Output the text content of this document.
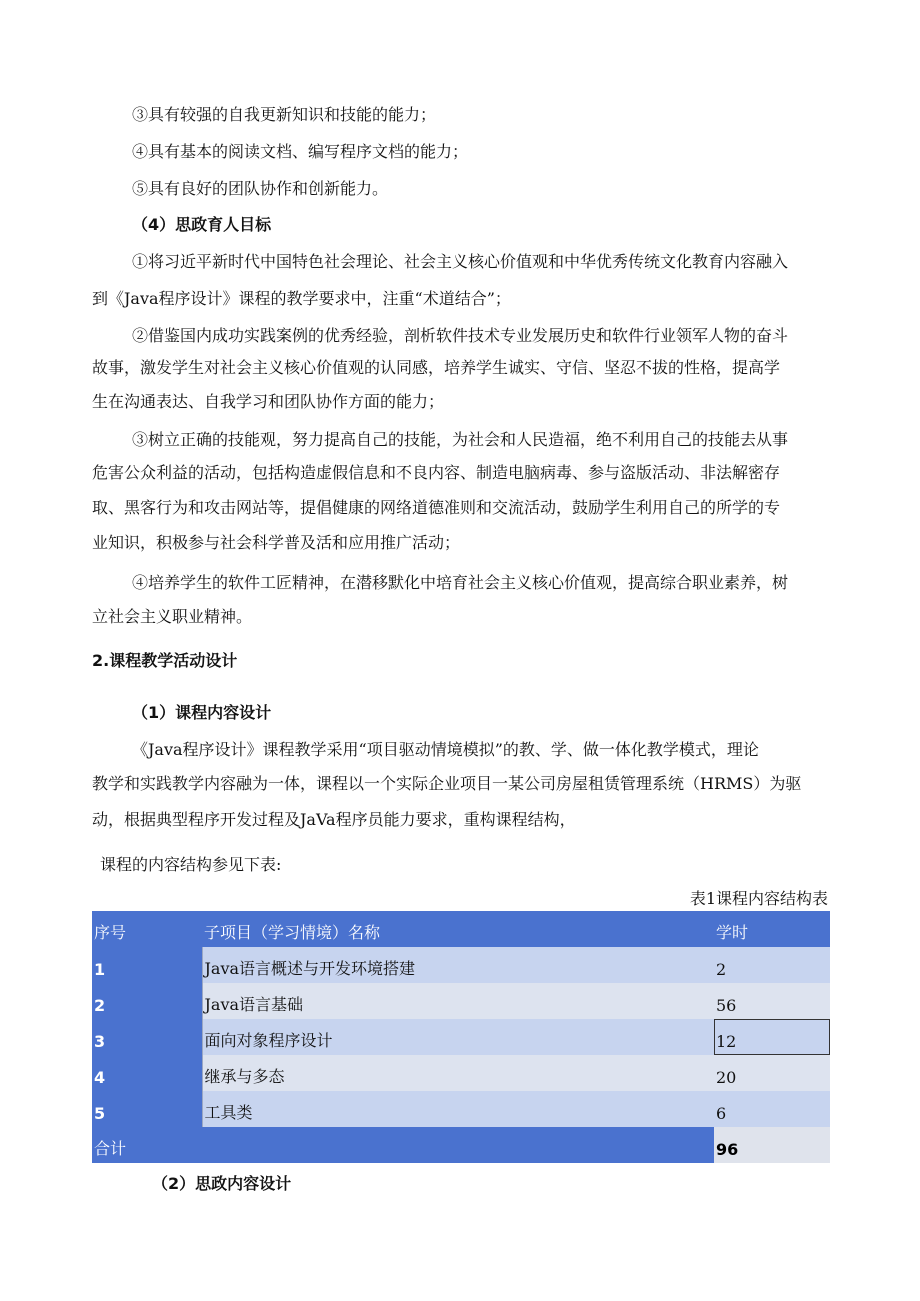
③具有较强的自我更新知识和技能的能力；
④具有基本的阅读文档、编写程序文档的能力；
⑤具有良好的团队协作和创新能力。
（4）思政育人目标
①将习近平新时代中国特色社会理论、社会主义核心价值观和中华优秀传统文化教育内容融入
到《Java程序设计》课程的教学要求中，注重“术道结合”；
②借鉴国内成功实践案例的优秀经验，剖析软件技术专业发展历史和软件行业领军人物的奋斗
故事，激发学生对社会主义核心价值观的认同感，培养学生诚实、守信、坚忍不拔的性格，提高学
生在沟通表达、自我学习和团队协作方面的能力；
③树立正确的技能观，努力提高自己的技能，为社会和人民造福，绝不利用自己的技能去从事
危害公众利益的活动，包括构造虚假信息和不良内容、制造电脑病毒、参与盗版活动、非法解密存
取、黑客行为和攻击网站等，提倡健康的网络道德准则和交流活动，鼓励学生利用自己的所学的专
业知识，积极参与社会科学普及活和应用推广活动；
④培养学生的软件工匠精神，在潜移默化中培育社会主义核心价值观，提高综合职业素养，树
立社会主义职业精神。
2.课程教学活动设计
（1）课程内容设计
《Java程序设计》课程教学采用“项目驱动情境模拟”的教、学、做一体化教学模式，理论
教学和实践教学内容融为一体，课程以一个实际企业项目一某公司房屋租赁管理系统（HRMS）为驱
动，根据典型程序开发过程及JaVa程序员能力要求，重构课程结构，
课程的内容结构参见下表:
表1课程内容结构表
序号	子项目（学习情境）名称	学时
1	Java语言概述与开发环境搭建	2
2	Java语言基础	56
3	面向对象程序设计	12
4	继承与多态	20
5	工具类	6
合计		96
（2）思政内容设计
